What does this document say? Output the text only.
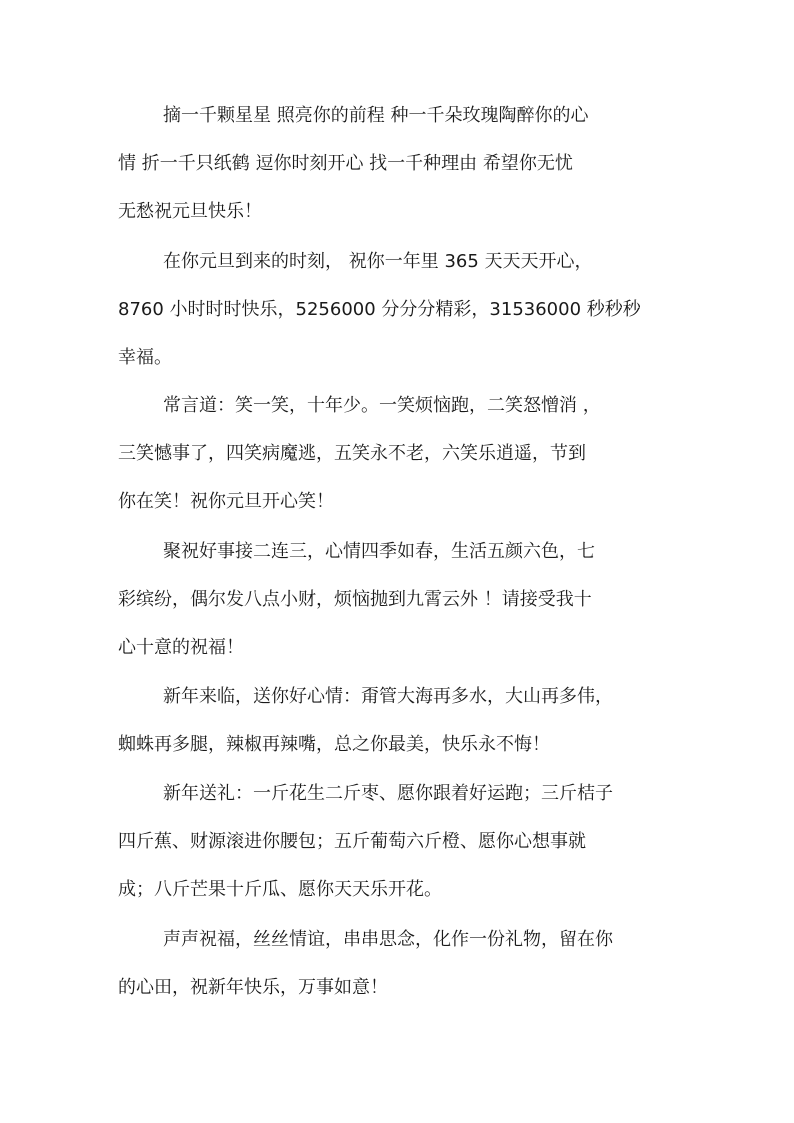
摘一千颗星星 照亮你的前程 种一千朵玫瑰陶醉你的心
情 折一千只纸鹤 逗你时刻开心 找一千种理由 希望你无忧
无愁祝元旦快乐！

在你元旦到来的时刻， 祝你一年里 365 天天天开心，
8760 小时时时快乐，5256000 分分分精彩，31536000 秒秒秒
幸福。

常言道：笑一笑，十年少。一笑烦恼跑，二笑怒憎消 ，
三笑憾事了，四笑病魔逃，五笑永不老，六笑乐逍遥，节到
你在笑！祝你元旦开心笑！

聚祝好事接二连三，心情四季如春，生活五颜六色，七
彩缤纷，偶尔发八点小财，烦恼抛到九霄云外 ！请接受我十
心十意的祝福！

新年来临，送你好心情：甭管大海再多水，大山再多伟，
蜘蛛再多腿，辣椒再辣嘴，总之你最美，快乐永不悔！

新年送礼：一斤花生二斤枣、愿你跟着好运跑；三斤桔子
四斤蕉、财源滚进你腰包；五斤葡萄六斤橙、愿你心想事就
成；八斤芒果十斤瓜、愿你天天乐开花。

声声祝福，丝丝情谊，串串思念，化作一份礼物，留在你
的心田，祝新年快乐，万事如意！
